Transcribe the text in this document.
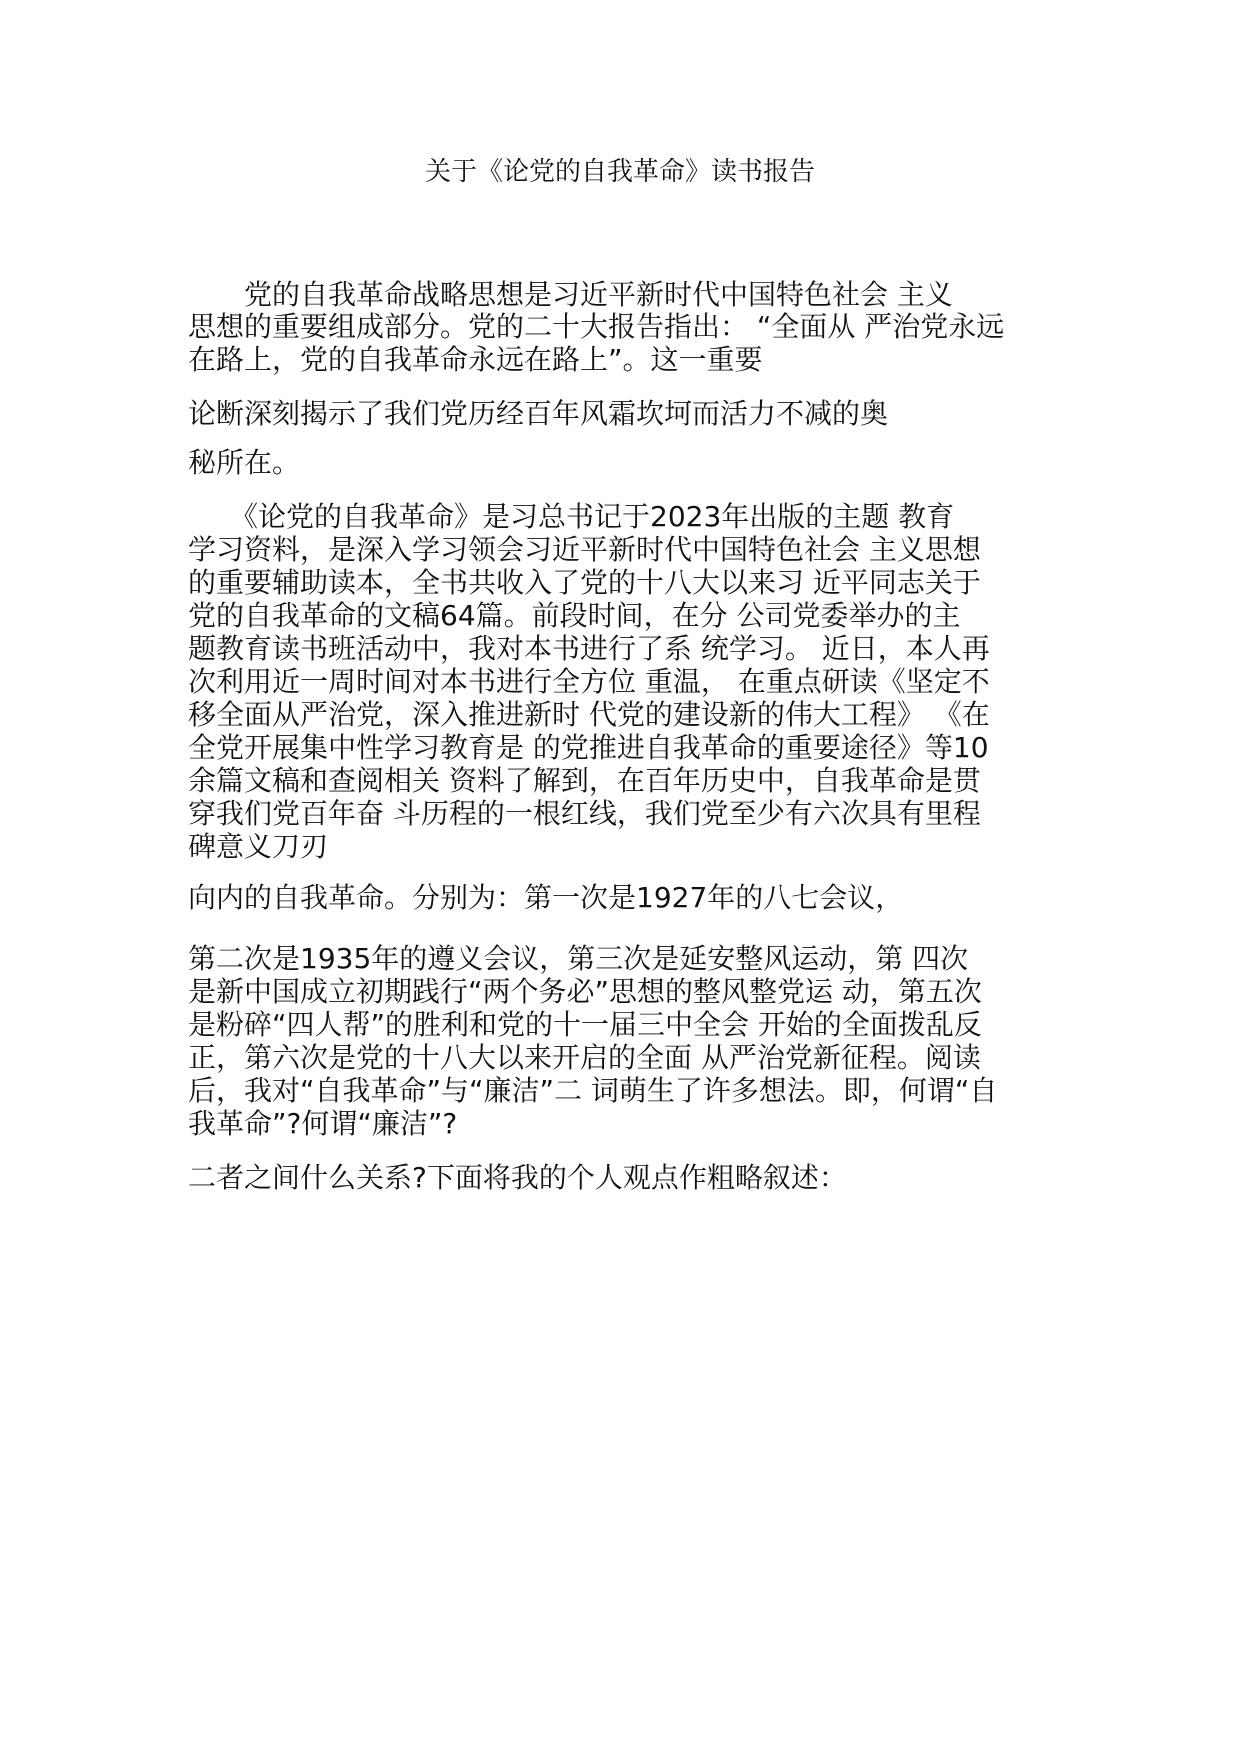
关于《论党的自我革命》读书报告
　　党的自我革命战略思想是习近平新时代中国特色社会 主义
思想的重要组成部分。党的二十大报告指出： “全面从 严治党永远
在路上，党的自我革命永远在路上”。这一重要
论断深刻揭示了我们党历经百年风霜坎坷而活力不减的奥
秘所在。
　　《论党的自我革命》是习总书记于2023年出版的主题 教育
学习资料，是深入学习领会习近平新时代中国特色社会 主义思想
的重要辅助读本，全书共收入了党的十八大以来习 近平同志关于
党的自我革命的文稿64篇。前段时间，在分 公司党委举办的主
题教育读书班活动中，我对本书进行了系 统学习。 近日，本人再
次利用近一周时间对本书进行全方位 重温， 在重点研读《坚定不
移全面从严治党，深入推进新时 代党的建设新的伟大工程》 《在
全党开展集中性学习教育是 的党推进自我革命的重要途径》等10
余篇文稿和查阅相关 资料了解到，在百年历史中，自我革命是贯
穿我们党百年奋 斗历程的一根红线，我们党至少有六次具有里程
碑意义刀刃
向内的自我革命。分别为：第一次是1927年的八七会议，
第二次是1935年的遵义会议，第三次是延安整风运动，第 四次
是新中国成立初期践行“两个务必”思想的整风整党运 动，第五次
是粉碎“四人帮”的胜利和党的十一届三中全会 开始的全面拨乱反
正，第六次是党的十八大以来开启的全面 从严治党新征程。阅读
后，我对“自我革命”与“廉洁”二 词萌生了许多想法。即，何谓“自
我革命”?何谓“廉洁”?
二者之间什么关系?下面将我的个人观点作粗略叙述：
